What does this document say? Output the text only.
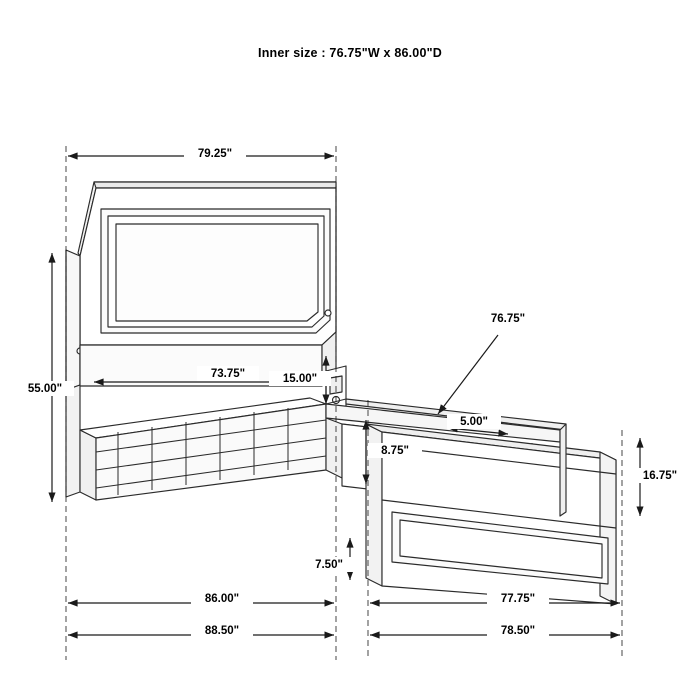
Inner size : 76.75"W x 86.00"D
79.25"
55.00"
73.75"	15.00"
76.75"
5.00"
8.75"
16.75"
7.50"
86.00"	77.75"
88.50"	78.50"
